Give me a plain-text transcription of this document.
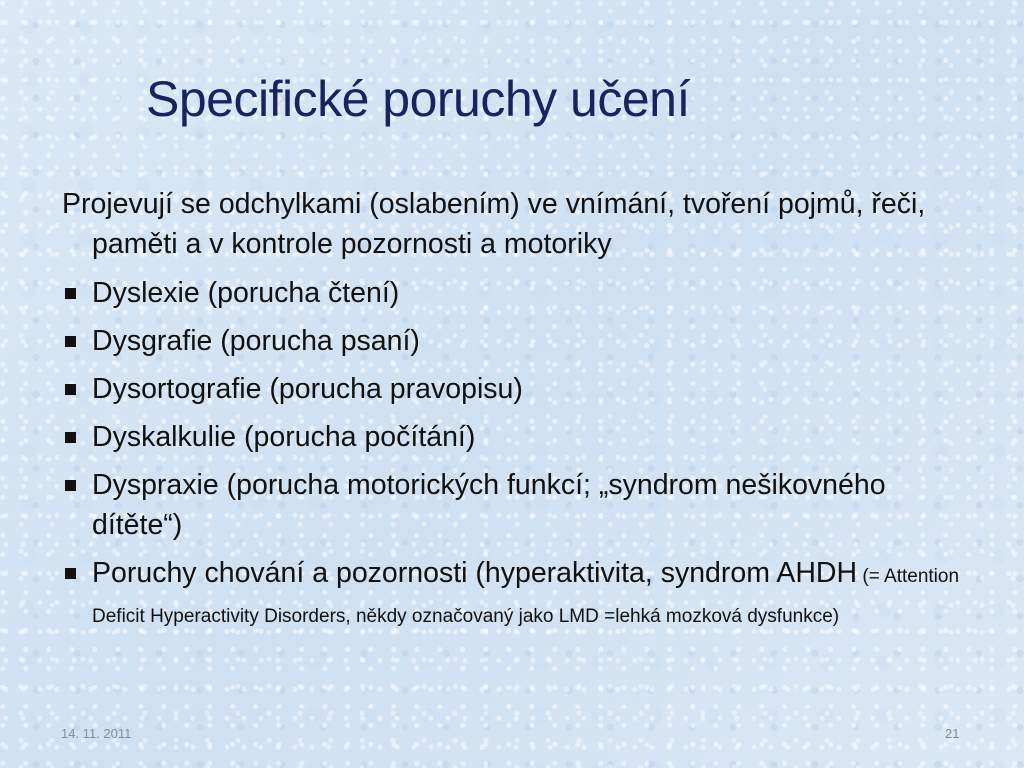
Specifické poruchy učení
Projevují se odchylkami (oslabením) ve vnímání, tvoření pojmů, řeči, paměti a v kontrole pozornosti a motoriky
Dyslexie (porucha čtení)
Dysgrafie (porucha psaní)
Dysortografie (porucha pravopisu)
Dyskalkulie (porucha počítání)
Dyspraxie (porucha motorických funkcí; „syndrom nešikovného dítěte“)
Poruchy chování a pozornosti (hyperaktivita, syndrom AHDH (= Attention Deficit Hyperactivity Disorders, někdy označovaný jako LMD =lehká mozková dysfunkce)
14. 11. 2011	21
